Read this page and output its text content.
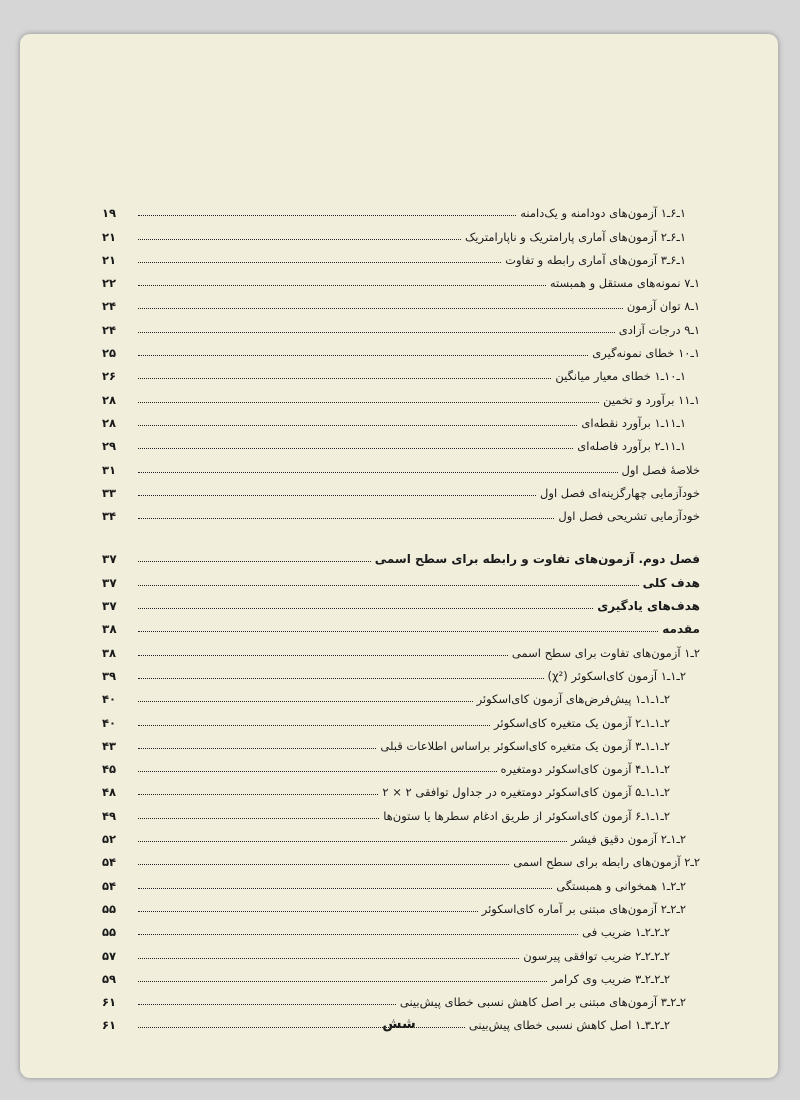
۱ـ۶ـ۱ آزمون‌های دودامنه و یک‌دامنه
۱۹
۱ـ۶ـ۲ آزمون‌های آماری پارامتریک و ناپارامتریک
۲۱
۱ـ۶ـ۳ آزمون‌های آماری رابطه و تفاوت
۲۱
۱ـ۷ نمونه‌های مستقل و همبسته
۲۲
۱ـ۸ توان آزمون
۲۴
۱ـ۹ درجات آزادی
۲۴
۱ـ۱۰ خطای نمونه‌گیری
۲۵
۱ـ۱۰ـ۱ خطای معیار میانگین
۲۶
۱ـ۱۱ برآورد و تخمین
۲۸
۱ـ۱۱ـ۱ برآورد نقطه‌ای
۲۸
۱ـ۱۱ـ۲ برآورد فاصله‌ای
۲۹
خلاصهٔ فصل اول
۳۱
خودآزمایی چهارگزینه‌ای فصل اول
۳۳
خودآزمایی تشریحی فصل اول
۳۴
فصل دوم. آزمون‌های تفاوت و رابطه برای سطح اسمی
۳۷
هدف کلی
۳۷
هدف‌های یادگیری
۳۷
مقدمه
۳۸
۲ـ۱ آزمون‌های تفاوت برای سطح اسمی
۳۸
۲ـ۱ـ۱ آزمون کای‌اسکوئر (χ²)
۳۹
۲ـ۱ـ۱ـ۱ پیش‌فرض‌های آزمون کای‌اسکوئر
۴۰
۲ـ۱ـ۱ـ۲ آزمون یک متغیره کای‌اسکوئر
۴۰
۲ـ۱ـ۱ـ۳ آزمون یک متغیره کای‌اسکوئر براساس اطلاعات قبلی
۴۳
۲ـ۱ـ۱ـ۴ آزمون کای‌اسکوئر دومتغیره
۴۵
۲ـ۱ـ۱ـ۵ آزمون کای‌اسکوئر دومتغیره در جداول توافقی ۲ × ۲
۴۸
۲ـ۱ـ۱ـ۶ آزمون کای‌اسکوئر از طریق ادغام سطرها یا ستون‌ها
۴۹
۲ـ۱ـ۲ آزمون دقیق فیشر
۵۲
۲ـ۲ آزمون‌های رابطه برای سطح اسمی
۵۴
۲ـ۲ـ۱ همخوانی و همبستگی
۵۴
۲ـ۲ـ۲ آزمون‌های مبتنی بر آماره کای‌اسکوئر
۵۵
۲ـ۲ـ۲ـ۱ ضریب فی
۵۵
۲ـ۲ـ۲ـ۲ ضریب توافقی پیرسون
۵۷
۲ـ۲ـ۲ـ۳ ضریب وی کرامر
۵۹
۲ـ۲ـ۳ آزمون‌های مبتنی بر اصل کاهش نسبی خطای پیش‌بینی
۶۱
۲ـ۲ـ۳ـ۱ اصل کاهش نسبی خطای پیش‌بینی
۶۱	شش
